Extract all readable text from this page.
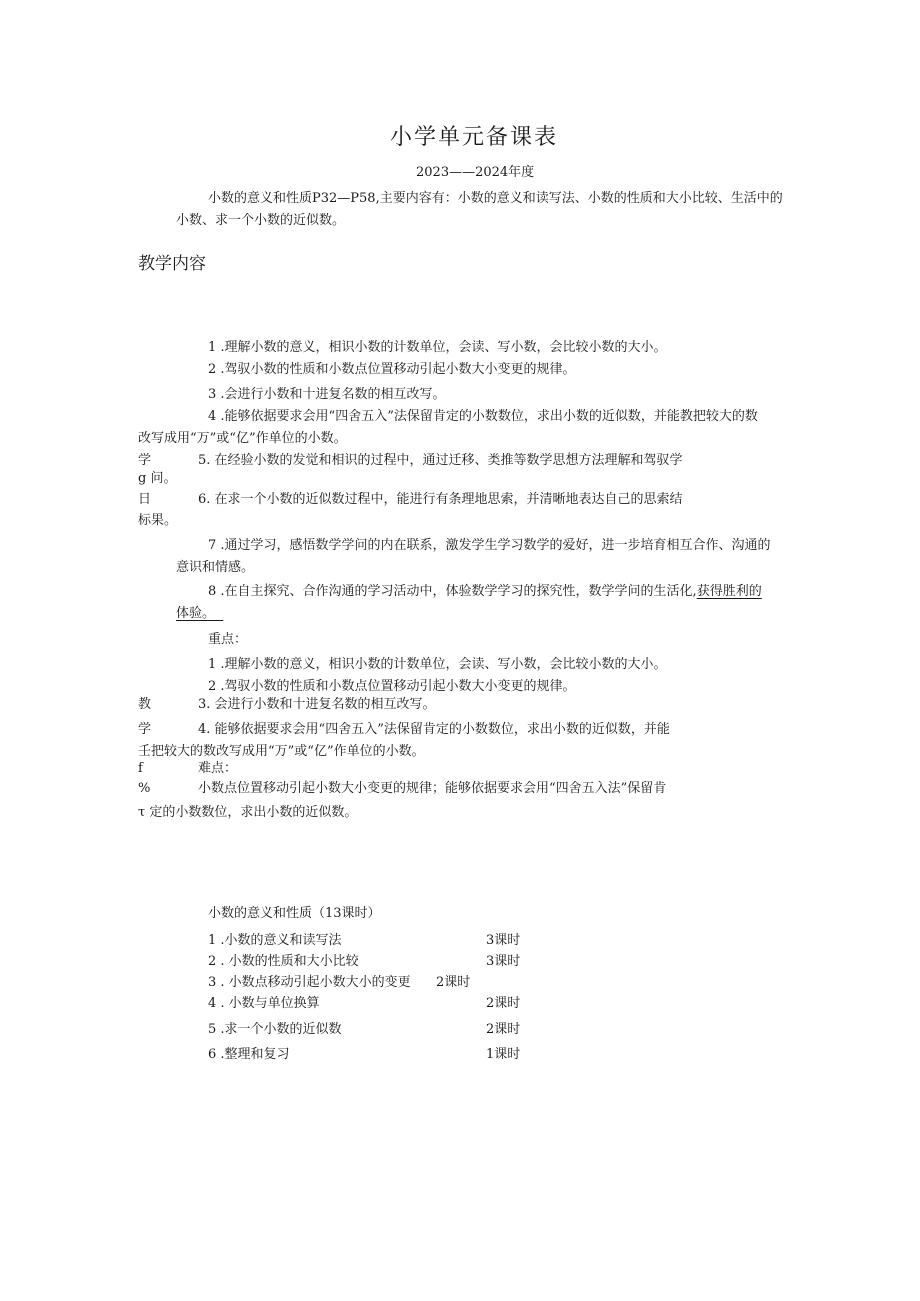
小学单元备课表
2023——2024年度
小数的意义和性质P32—P58,主要内容有：小数的意义和读写法、小数的性质和大小比较、生活中的
小数、求一个小数的近似数。
教学内容
1 .理解小数的意义，相识小数的计数单位，会读、写小数，会比较小数的大小。
2 .驾驭小数的性质和小数点位置移动引起小数大小变更的规律。
3 .会进行小数和十进复名数的相互改写。
4 .能够依据要求会用“四舍五入”法保留肯定的小数数位，求出小数的近似数，并能教把较大的数
改写成用“万”或“亿”作单位的小数。
学	5. 在经验小数的发觉和相识的过程中，通过迁移、类推等数学思想方法理解和驾驭学
g 问。
日	6. 在求一个小数的近似数过程中，能进行有条理地思索，并清晰地表达自己的思索结
标果。
7 .通过学习，感悟数学学问的内在联系，激发学生学习数学的爱好，进一步培育相互合作、沟通的
意识和情感。
8 .在自主探究、合作沟通的学习活动中，体验数学学习的探究性，数学学问的生活化,获得胜利的
体验。
重点：
1 .理解小数的意义，相识小数的计数单位，会读、写小数，会比较小数的大小。
2 .驾驭小数的性质和小数点位置移动引起小数大小变更的规律。
教	3. 会进行小数和十进复名数的相互改写。
学	4. 能够依据要求会用“四舍五入”法保留肯定的小数数位，求出小数的近似数，并能
壬把较大的数改写成用“万”或“亿”作单位的小数。
f	难点：
%	小数点位置移动引起小数大小变更的规律；能够依据要求会用“四舍五入法”保留肯
τ 定的小数数位，求出小数的近似数。
小数的意义和性质（13课时）
1 .小数的意义和读写法	3课时
2 . 小数的性质和大小比较	3课时
3 . 小数点移动引起小数大小的变更 2课时
4 . 小数与单位换算	2课时
5 .求一个小数的近似数	2课时
6 .整理和复习	1课时
